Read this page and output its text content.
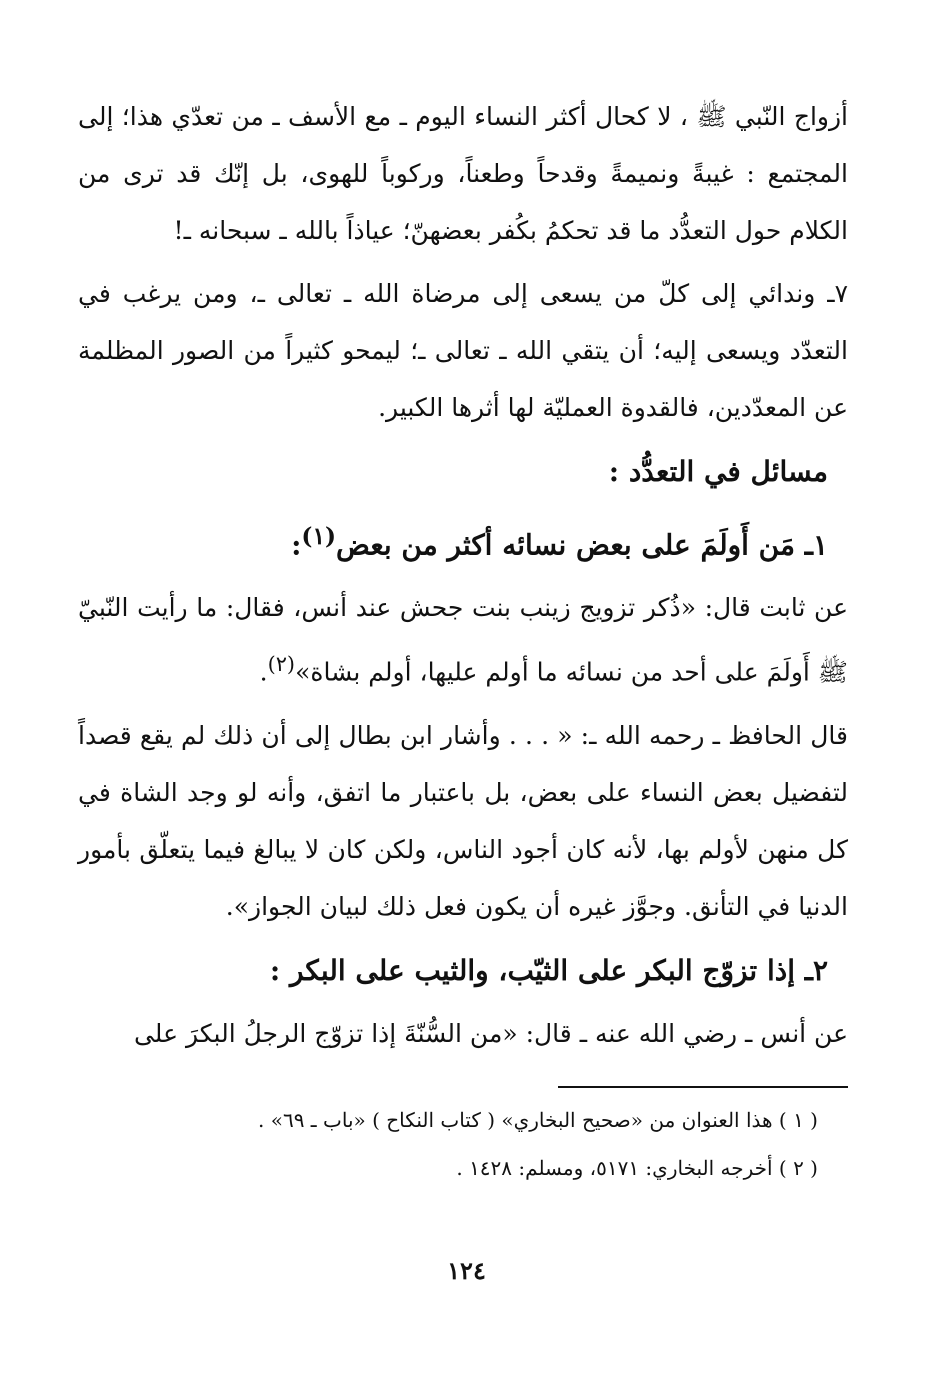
أزواج النّبي ﷺ ، لا كحال أكثر النساء اليوم ـ مع الأسف ـ من تعدّي هذا؛ إلى المجتمع : غيبةً ونميمةً وقدحاً وطعناً، وركوباً للهوى، بل إنّك قد ترى من الكلام حول التعدُّد ما قد تحكمُ بكُفر بعضهنّ؛ عياذاً بالله ـ سبحانه ـ!

٧ـ وندائي إلى كلّ من يسعى إلى مرضاة الله ـ تعالى ـ، ومن يرغب في التعدّد ويسعى إليه؛ أن يتقي الله ـ تعالى ـ؛ ليمحو كثيراً من الصور المظلمة عن المعدّدين، فالقدوة العمليّة لها أثرها الكبير.

مسائل في التعدُّد :
١ـ مَن أَولَمَ على بعض نسائه أكثر من بعض$^{(١)}$:

عن ثابت قال: «ذُكر تزويج زينب بنت جحش عند أنس، فقال: ما رأيت النّبيّ ﷺ أَولَمَ على أحد من نسائه ما أولم عليها، أولم بشاة»$^{(٢)}$.

قال الحافظ ـ رحمه الله ـ: « . . . وأشار ابن بطال إلى أن ذلك لم يقع قصداً لتفضيل بعض النساء على بعض، بل باعتبار ما اتفق، وأنه لو وجد الشاة في كل منهن لأولم بها، لأنه كان أجود الناس، ولكن كان لا يبالغ فيما يتعلّق بأمور الدنيا في التأنق. وجوَّز غيره أن يكون فعل ذلك لبيان الجواز».

٢ـ إذا تزوّج البكر على الثيّب، والثيب على البكر :

عن أنس ـ رضي الله عنه ـ قال: «من السُّنّةَ إذا تزوّج الرجلُ البكرَ على

( ١ ) هذا العنوان من «صحيح البخاري» ( كتاب النكاح ) «باب ـ ٦٩» .

( ٢ ) أخرجه البخاري: ٥١٧١، ومسلم: ١٤٢٨ .

١٢٤
